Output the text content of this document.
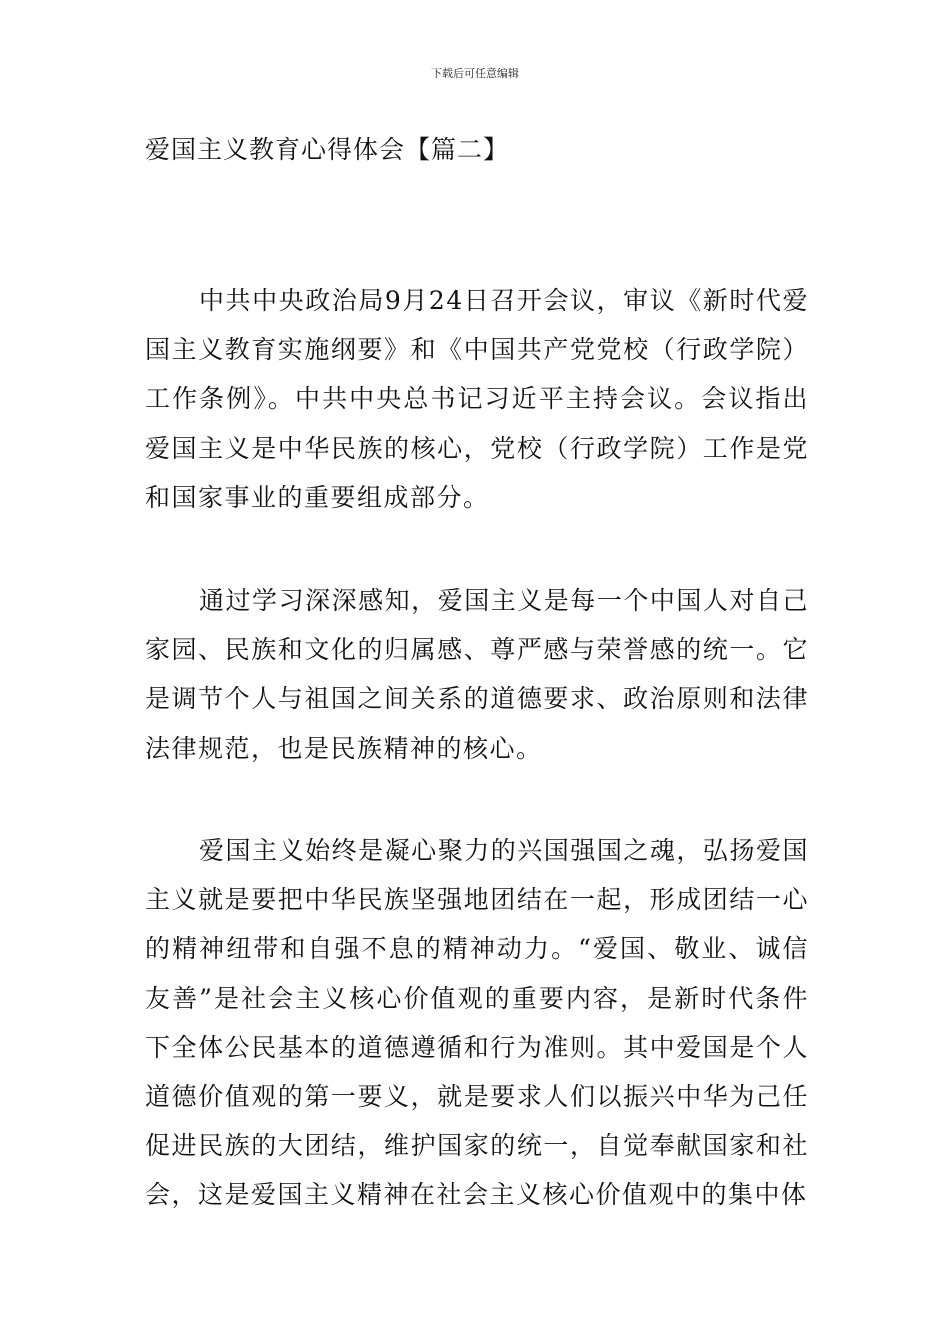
下载后可任意编辑
爱国主义教育心得体会【篇二】

中共中央政治局9月24日召开会议，审议《新时代爱国主义教育实施纲要》和《中国共产党党校（行政学院）工作条例》。中共中央总书记习近平主持会议。会议指出爱国主义是中华民族的核心，党校（行政学院）工作是党和国家事业的重要组成部分。

通过学习深深感知，爱国主义是每一个中国人对自己家园、民族和文化的归属感、尊严感与荣誉感的统一。它是调节个人与祖国之间关系的道德要求、政治原则和法律法律规范，也是民族精神的核心。

爱国主义始终是凝心聚力的兴国强国之魂，弘扬爱国主义就是要把中华民族坚强地团结在一起，形成团结一心的精神纽带和自强不息的精神动力。“爱国、敬业、诚信友善”是社会主义核心价值观的重要内容，是新时代条件下全体公民基本的道德遵循和行为准则。其中爱国是个人道德价值观的第一要义，就是要求人们以振兴中华为己任促进民族的大团结，维护国家的统一，自觉奉献国家和社会，这是爱国主义精神在社会主义核心价值观中的集中体
